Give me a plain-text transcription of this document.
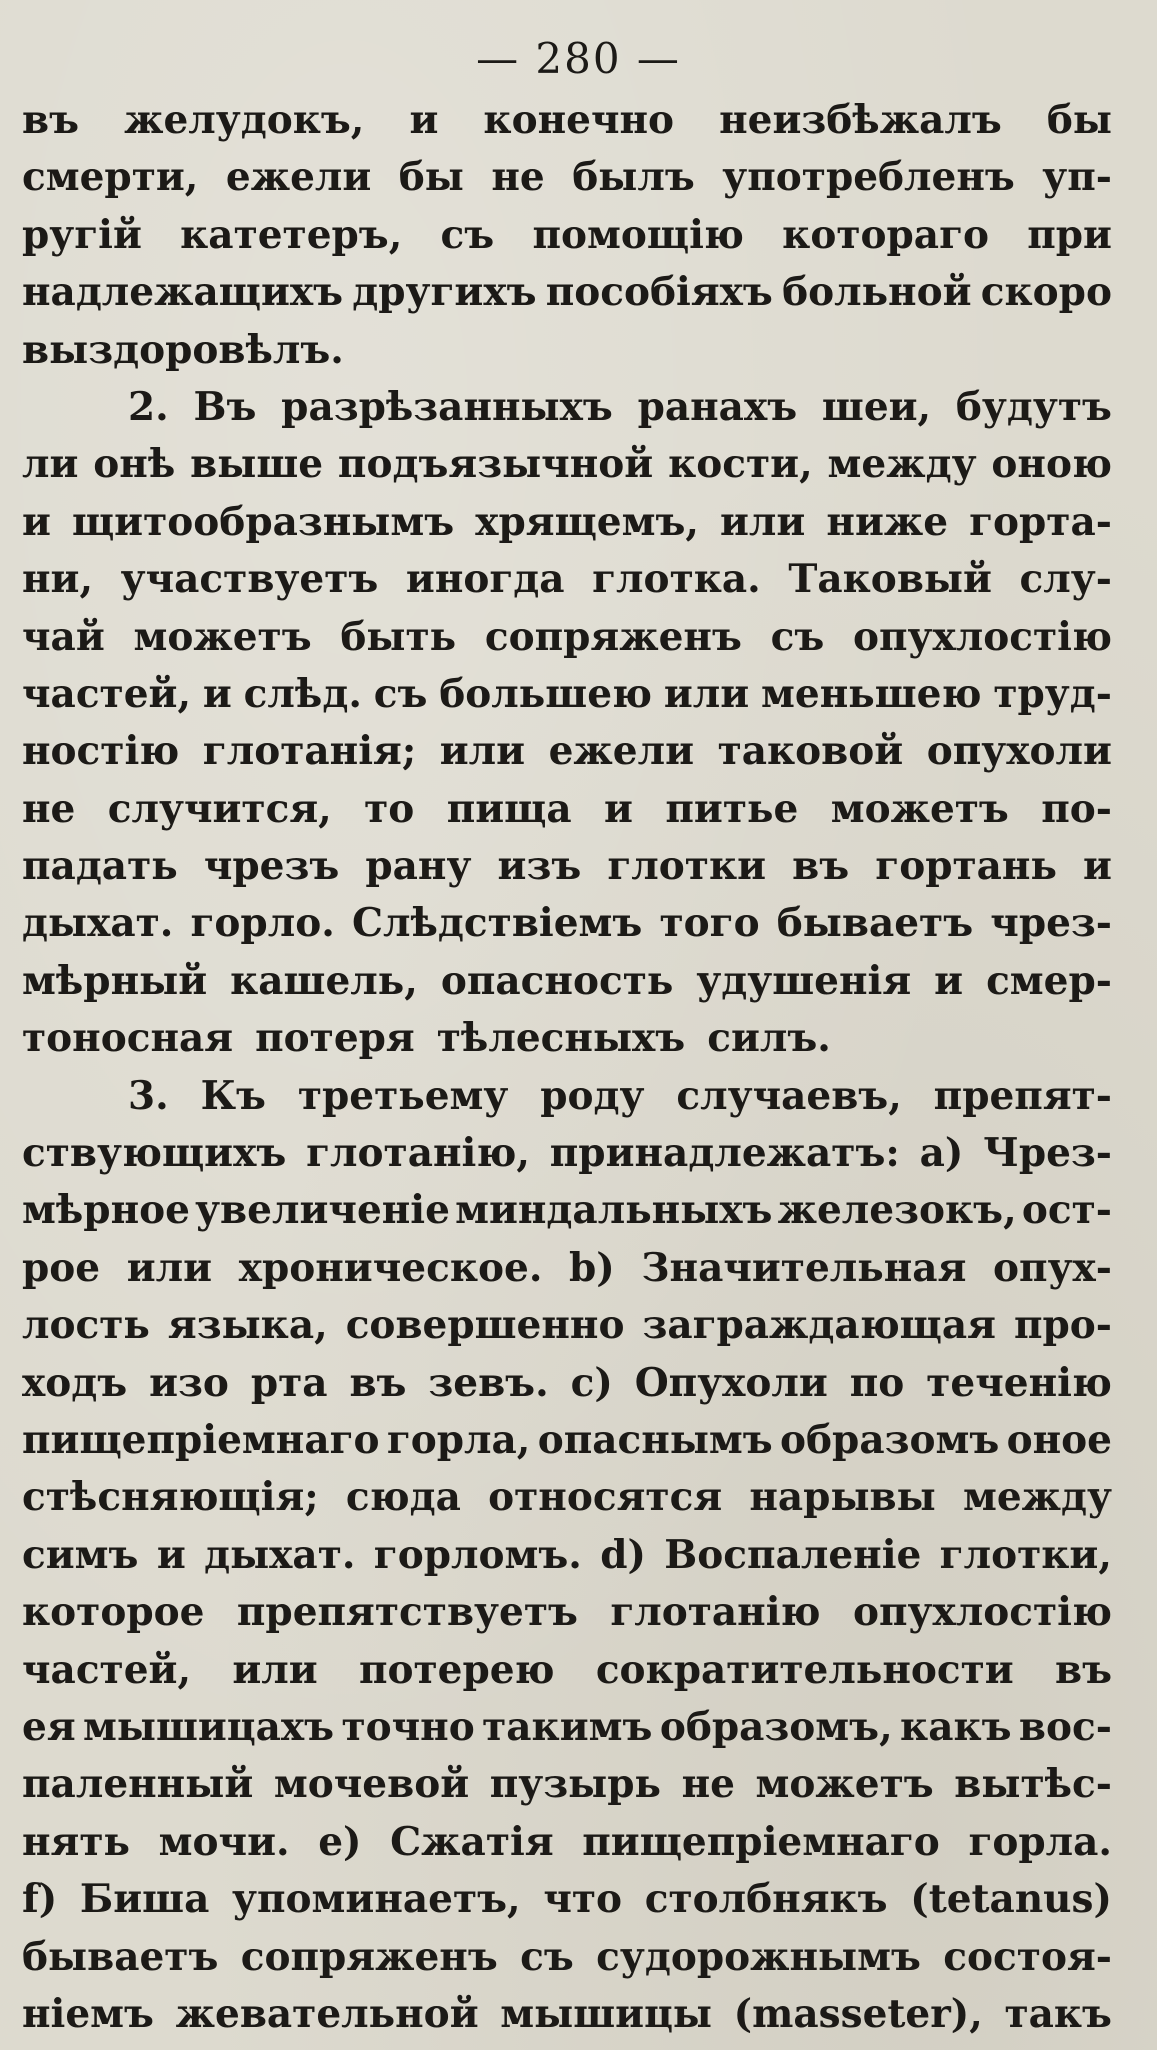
— 280 —
въ желудокъ, и конечно неизбѣжалъ бы
смерти, ежели бы не былъ употребленъ уп-
ругій катетеръ, съ помощію котораго при
надлежащихъ другихъ пособіяхъ больной скоро
выздоровѣлъ.
2. Въ разрѣзанныхъ ранахъ шеи, будутъ
ли онѣ выше подъязычной кости, между оною
и щитообразнымъ хрящемъ, или ниже горта-
ни, участвуетъ иногда глотка. Таковый слу-
чай можетъ быть сопряженъ съ опухлостію
частей, и слѣд. съ большею или меньшею труд-
ностію глотанія; или ежели таковой опухоли
не случится, то пища и питье можетъ по-
падать чрезъ рану изъ глотки въ гортань и
дыхат. горло. Слѣдствіемъ того бываетъ чрез-
мѣрный кашель, опасность удушенія и смер-
тоносная потеря тѣлесныхъ силъ.
3. Къ третьему роду случаевъ, препят-
ствующихъ глотанію, принадлежатъ: a) Чрез-
мѣрное увеличеніе миндальныхъ железокъ, ост-
рое или хроническое. b) Значительная опух-
лость языка, совершенно заграждающая про-
ходъ изо рта въ зевъ. c) Опухоли по теченію
пищепріемнаго горла, опаснымъ образомъ оное
стѣсняющія; сюда относятся нарывы между
симъ и дыхат. горломъ. d) Воспаленіе глотки,
которое препятствуетъ глотанію опухлостію
частей, или потерею сократительности въ
ея мышицахъ точно такимъ образомъ, какъ вос-
паленный мочевой пузырь не можетъ вытѣс-
нять мочи. e) Сжатія пищепріемнаго горла.
f) Биша упоминаетъ, что столбнякъ (tetanus)
бываетъ сопряженъ съ судорожнымъ состоя-
ніемъ жевательной мышицы (masseter), такъ
